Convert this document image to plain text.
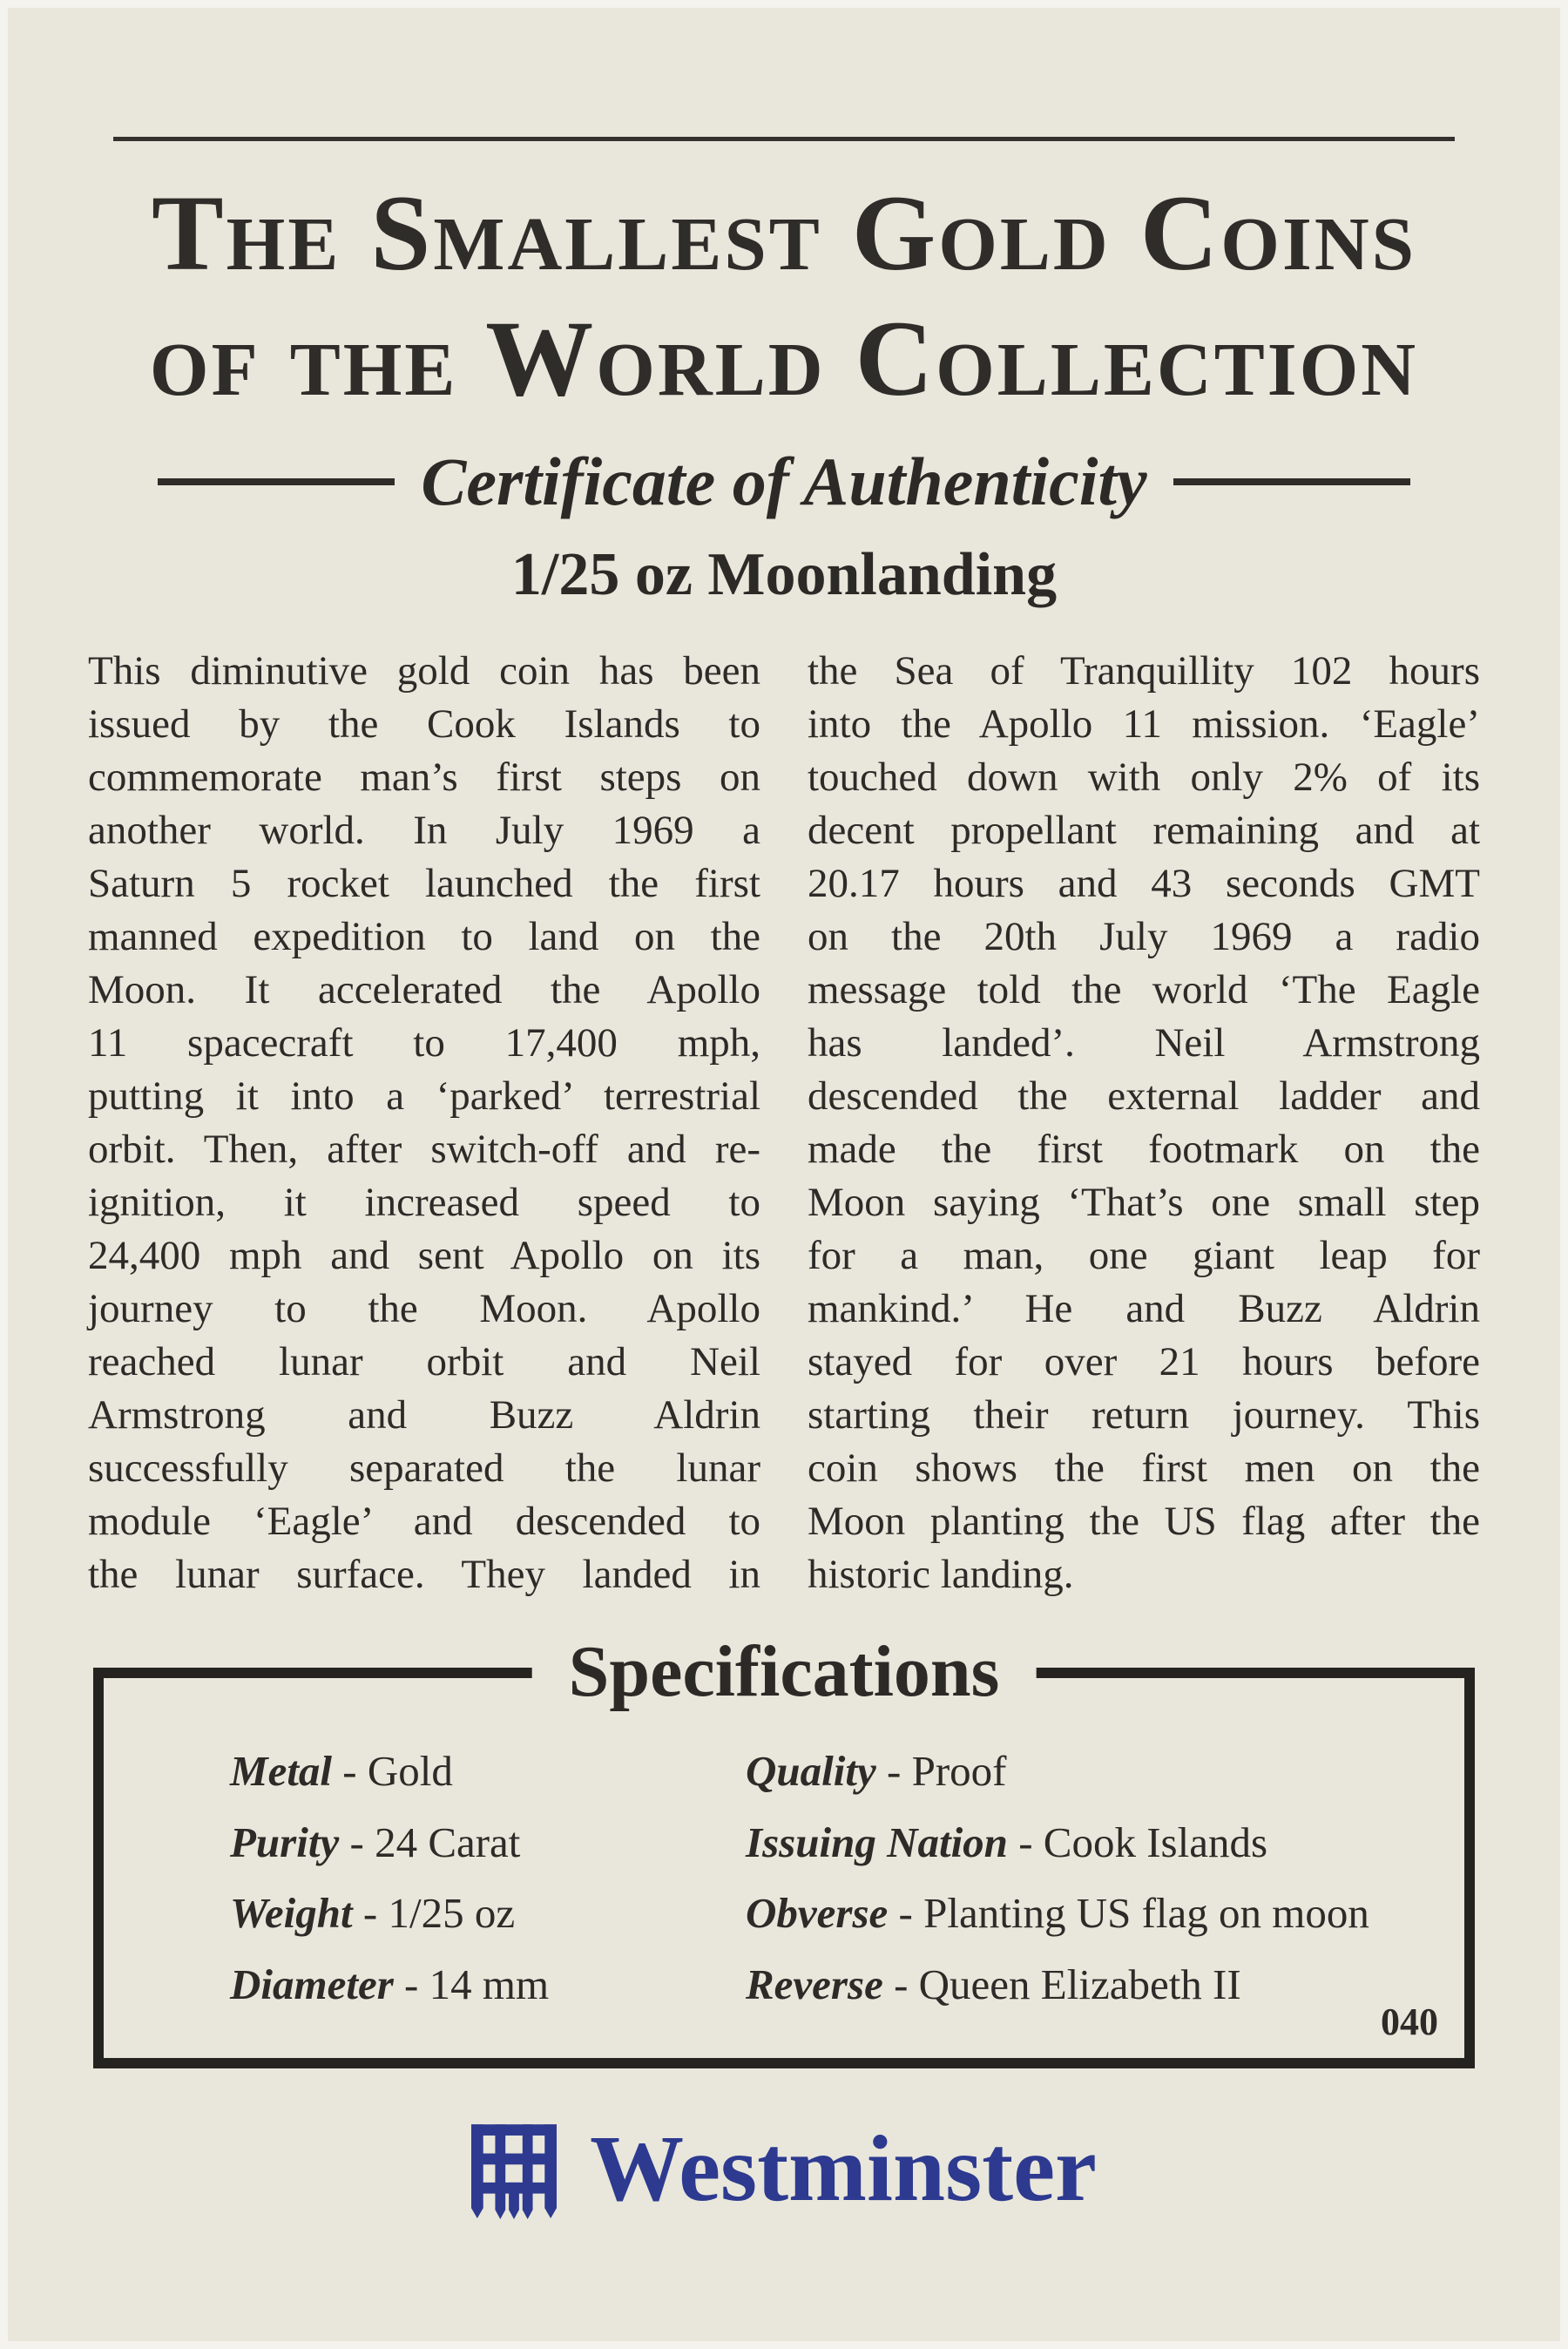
The Smallest Gold Coins
of the World Collection
Certificate of Authenticity
1/25 oz Moonlanding
This diminutive gold coin has been
issued by the Cook Islands to
commemorate man’s first steps on
another world. In July 1969 a
Saturn 5 rocket launched the first
manned expedition to land on the
Moon. It accelerated the Apollo
11 spacecraft to 17,400 mph,
putting it into a ‘parked’ terrestrial
orbit. Then, after switch-off and re-
ignition, it increased speed to
24,400 mph and sent Apollo on its
journey to the Moon. Apollo
reached lunar orbit and Neil
Armstrong and Buzz Aldrin
successfully separated the lunar
module ‘Eagle’ and descended to
the lunar surface. They landed in
the Sea of Tranquillity 102 hours
into the Apollo 11 mission. ‘Eagle’
touched down with only 2% of its
decent propellant remaining and at
20.17 hours and 43 seconds GMT
on the 20th July 1969 a radio
message told the world ‘The Eagle
has landed’. Neil Armstrong
descended the external ladder and
made the first footmark on the
Moon saying ‘That’s one small step
for a man, one giant leap for
mankind.’ He and Buzz Aldrin
stayed for over 21 hours before
starting their return journey. This
coin shows the first men on the
Moon planting the US flag after the
historic landing.
Specifications
Metal - Gold	Quality - Proof
Purity - 24 Carat	Issuing Nation - Cook Islands
Weight - 1/25 oz	Obverse - Planting US flag on moon
Diameter - 14 mm	Reverse - Queen Elizabeth II
040
Westminster
